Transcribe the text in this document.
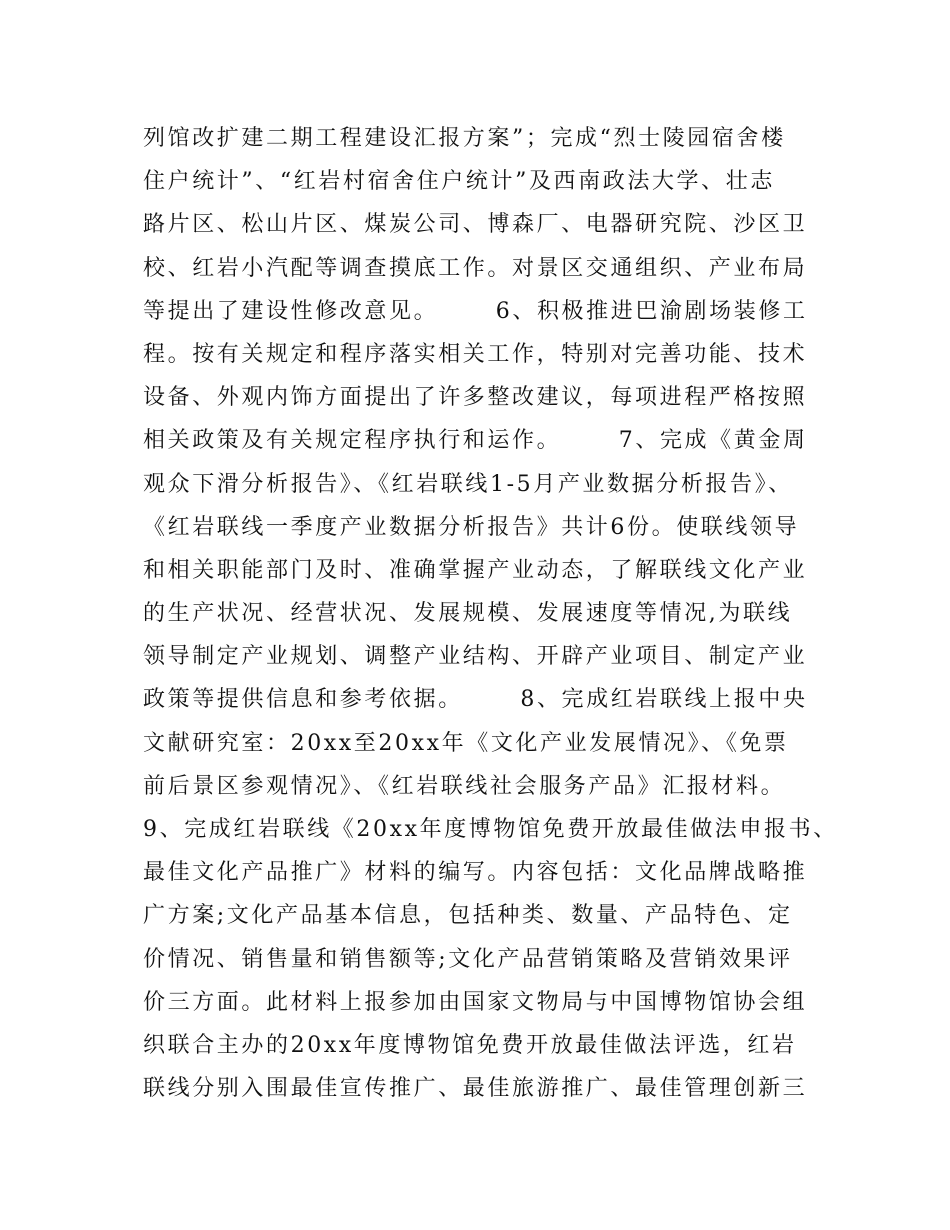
列馆改扩建二期工程建设汇报方案”；完成“烈士陵园宿舍楼
住户统计”、“红岩村宿舍住户统计”及西南政法大学、壮志
路片区、松山片区、煤炭公司、博森厂、电器研究院、沙区卫
校、红岩小汽配等调查摸底工作。对景区交通组织、产业布局
等提出了建设性修改意见。      6、积极推进巴渝剧场装修工
程。按有关规定和程序落实相关工作，特别对完善功能、技术
设备、外观内饰方面提出了许多整改建议，每项进程严格按照
相关政策及有关规定程序执行和运作。      7、完成《黄金周
观众下滑分析报告》、《红岩联线1-5月产业数据分析报告》、
《红岩联线一季度产业数据分析报告》共计6份。使联线领导
和相关职能部门及时、准确掌握产业动态，了解联线文化产业
的生产状况、经营状况、发展规模、发展速度等情况,为联线
领导制定产业规划、调整产业结构、开辟产业项目、制定产业
政策等提供信息和参考依据。      8、完成红岩联线上报中央
文献研究室：20xx至20xx年《文化产业发展情况》、《免票
前后景区参观情况》、《红岩联线社会服务产品》汇报材料。
9、完成红岩联线《20xx年度博物馆免费开放最佳做法申报书、
最佳文化产品推广》材料的编写。内容包括：文化品牌战略推
广方案;文化产品基本信息，包括种类、数量、产品特色、定
价情况、销售量和销售额等;文化产品营销策略及营销效果评
价三方面。此材料上报参加由国家文物局与中国博物馆协会组
织联合主办的20xx年度博物馆免费开放最佳做法评选，红岩
联线分别入围最佳宣传推广、最佳旅游推广、最佳管理创新三
